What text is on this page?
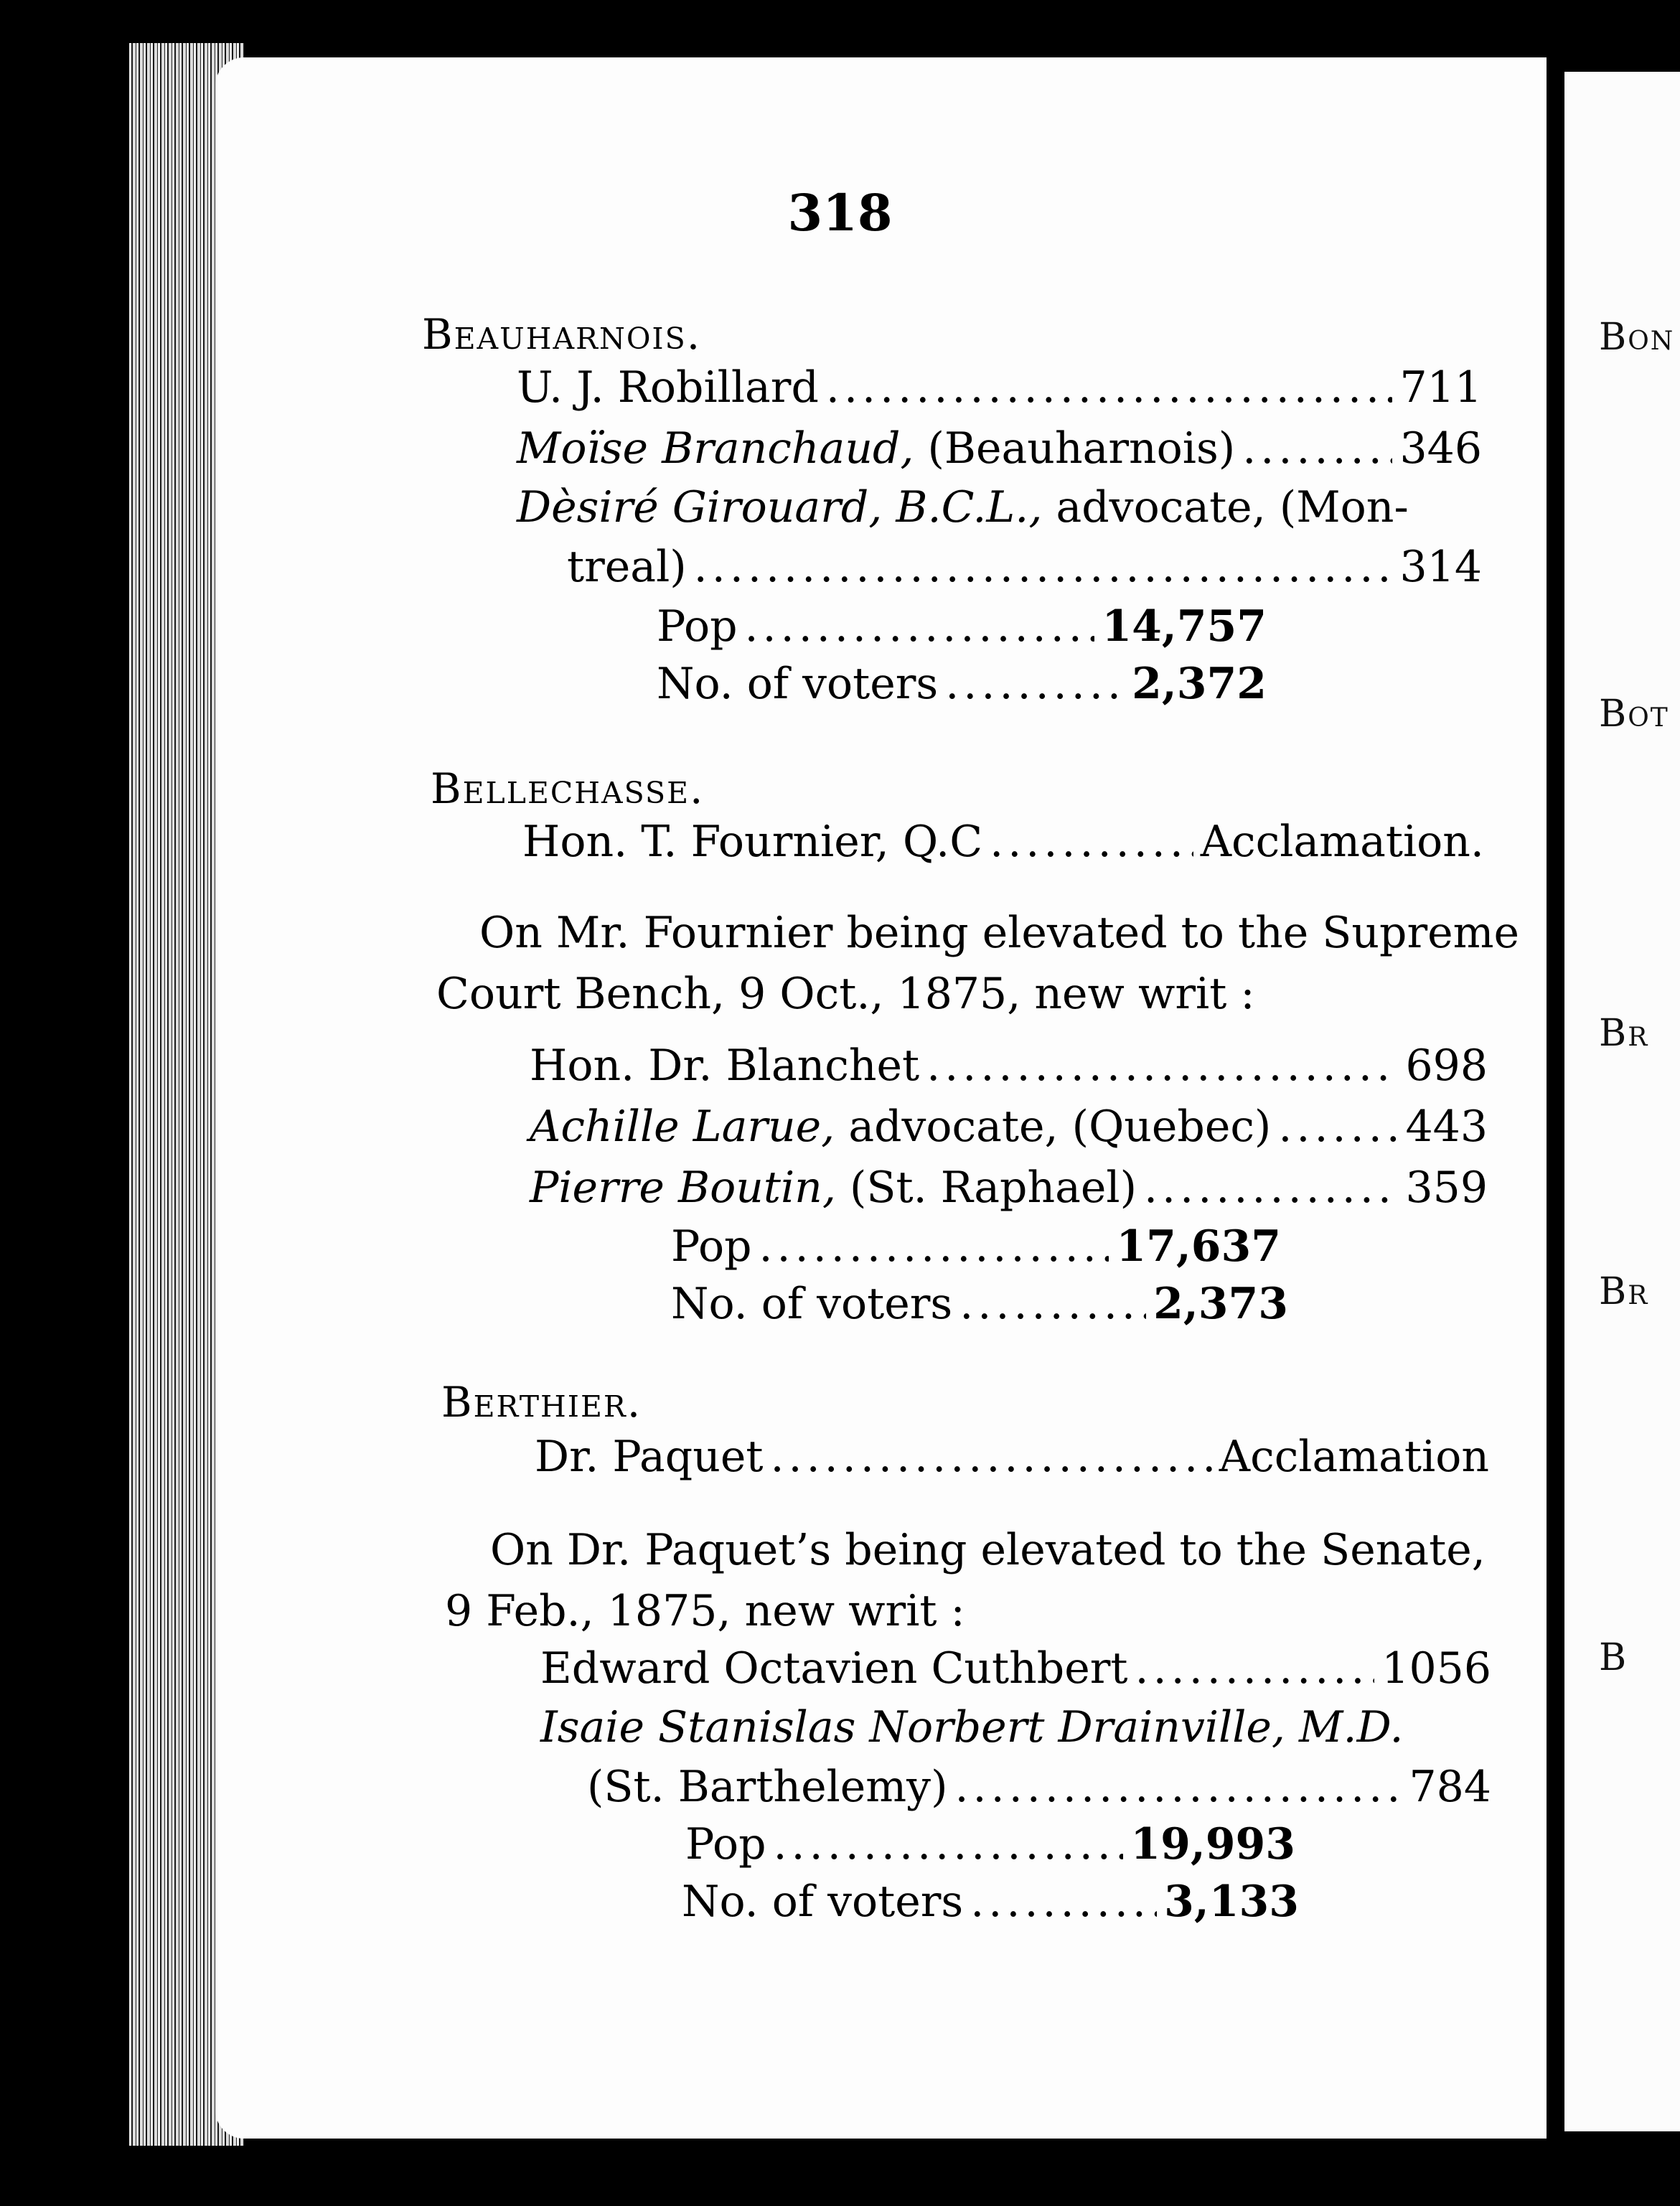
Bon
Bot
Br
Br
B
318
Beauharnois.
U. J. Robillard .....	711
Moïse Branchaud, (Beauharnois) .....	346
Dèsiré Girouard, B.C.L., advocate, (Mon-
treal) .....	314
Pop .....	14,757
No. of voters .....	2,372
Bellechasse.
Hon. T. Fournier, Q.C .....	Acclamation.
On Mr. Fournier being elevated to the Supreme
Court Bench, 9 Oct., 1875, new writ :
Hon. Dr. Blanchet .....	698
Achille Larue, advocate, (Quebec) .....	443
Pierre Boutin, (St. Raphael) .....	359
Pop .....	17,637
No. of voters .....	2,373
Berthier.
Dr. Paquet .....	Acclamation
On Dr. Paquet’s being elevated to the Senate,
9 Feb., 1875, new writ :
Edward Octavien Cuthbert .....	1056
Isaie Stanislas Norbert Drainville, M.D.
(St. Barthelemy) .....	784
Pop .....	19,993
No. of voters .....	3,133
